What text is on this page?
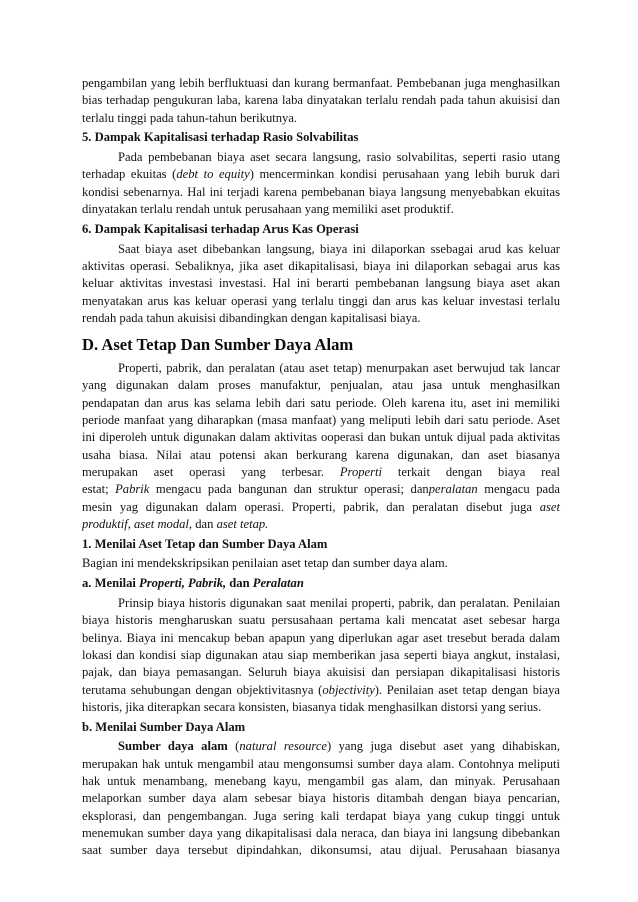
pengambilan yang lebih berfluktuasi dan kurang bermanfaat. Pembebanan juga menghasilkan
bias terhadap pengukuran laba, karena laba dinyatakan terlalu rendah pada tahun akuisisi dan
terlalu tinggi pada tahun-tahun berikutnya.
5. Dampak Kapitalisasi terhadap Rasio Solvabilitas
Pada pembebanan biaya aset secara langsung, rasio solvabilitas, seperti rasio utang
terhadap ekuitas (debt to equity) mencerminkan kondisi perusahaan yang lebih buruk dari
kondisi sebenarnya. Hal ini terjadi karena pembebanan biaya langsung menyebabkan ekuitas
dinyatakan terlalu rendah untuk perusahaan yang memiliki aset produktif.
6. Dampak Kapitalisasi terhadap Arus Kas Operasi
Saat biaya aset dibebankan langsung, biaya ini dilaporkan ssebagai arud kas keluar
aktivitas operasi. Sebaliknya, jika aset dikapitalisasi, biaya ini dilaporkan sebagai arus kas
keluar aktivitas investasi investasi. Hal ini berarti pembebanan langsung biaya aset akan
menyatakan arus kas keluar operasi yang terlalu tinggi dan arus kas keluar investasi terlalu
rendah pada tahun akuisisi dibandingkan dengan kapitalisasi biaya.
D. Aset Tetap Dan Sumber Daya Alam
Properti, pabrik, dan peralatan (atau aset tetap) menurpakan aset berwujud tak lancar
yang digunakan dalam proses manufaktur, penjualan, atau jasa untuk menghasilkan
pendapatan dan arus kas selama lebih dari satu periode. Oleh karena itu, aset ini memiliki
periode manfaat yang diharapkan (masa manfaat) yang meliputi lebih dari satu periode. Aset
ini diperoleh untuk digunakan dalam aktivitas ooperasi dan bukan untuk dijual pada aktivitas
usaha biasa. Nilai atau potensi akan berkurang karena digunakan, dan aset biasanya
merupakan aset operasi yang terbesar. Properti terkait dengan biaya real
estat; Pabrik mengacu pada bangunan dan struktur operasi; danperalatan mengacu pada
mesin yag digunakan dalam operasi. Properti, pabrik, dan peralatan disebut juga aset
produktif, aset modal, dan aset tetap.
1. Menilai Aset Tetap dan Sumber Daya Alam
Bagian ini mendekskripsikan penilaian aset tetap dan sumber daya alam.
a. Menilai Properti, Pabrik, dan Peralatan
Prinsip biaya historis digunakan saat menilai properti, pabrik, dan peralatan. Penilaian
biaya historis mengharuskan suatu persusahaan pertama kali mencatat aset sebesar harga
belinya. Biaya ini mencakup beban apapun yang diperlukan agar aset tresebut berada dalam
lokasi dan kondisi siap digunakan atau siap memberikan jasa seperti biaya angkut, instalasi,
pajak, dan biaya pemasangan. Seluruh biaya akuisisi dan persiapan dikapitalisasi historis
terutama sehubungan dengan objektivitasnya (objectivity). Penilaian aset tetap dengan biaya
historis, jika diterapkan secara konsisten, biasanya tidak menghasilkan distorsi yang serius.
b. Menilai Sumber Daya Alam
Sumber daya alam (natural resource) yang juga disebut aset yang dihabiskan,
merupakan hak untuk mengambil atau mengonsumsi sumber daya alam. Contohnya meliputi
hak untuk menambang, menebang kayu, mengambil gas alam, dan minyak. Perusahaan
melaporkan sumber daya alam sebesar biaya historis ditambah dengan biaya pencarian,
eksplorasi, dan pengembangan. Juga sering kali terdapat biaya yang cukup tinggi untuk
menemukan sumber daya yang dikapitalisasi dala neraca, dan biaya ini langsung dibebankan
saat sumber daya tersebut dipindahkan, dikonsumsi, atau dijual. Perusahaan biasanya
